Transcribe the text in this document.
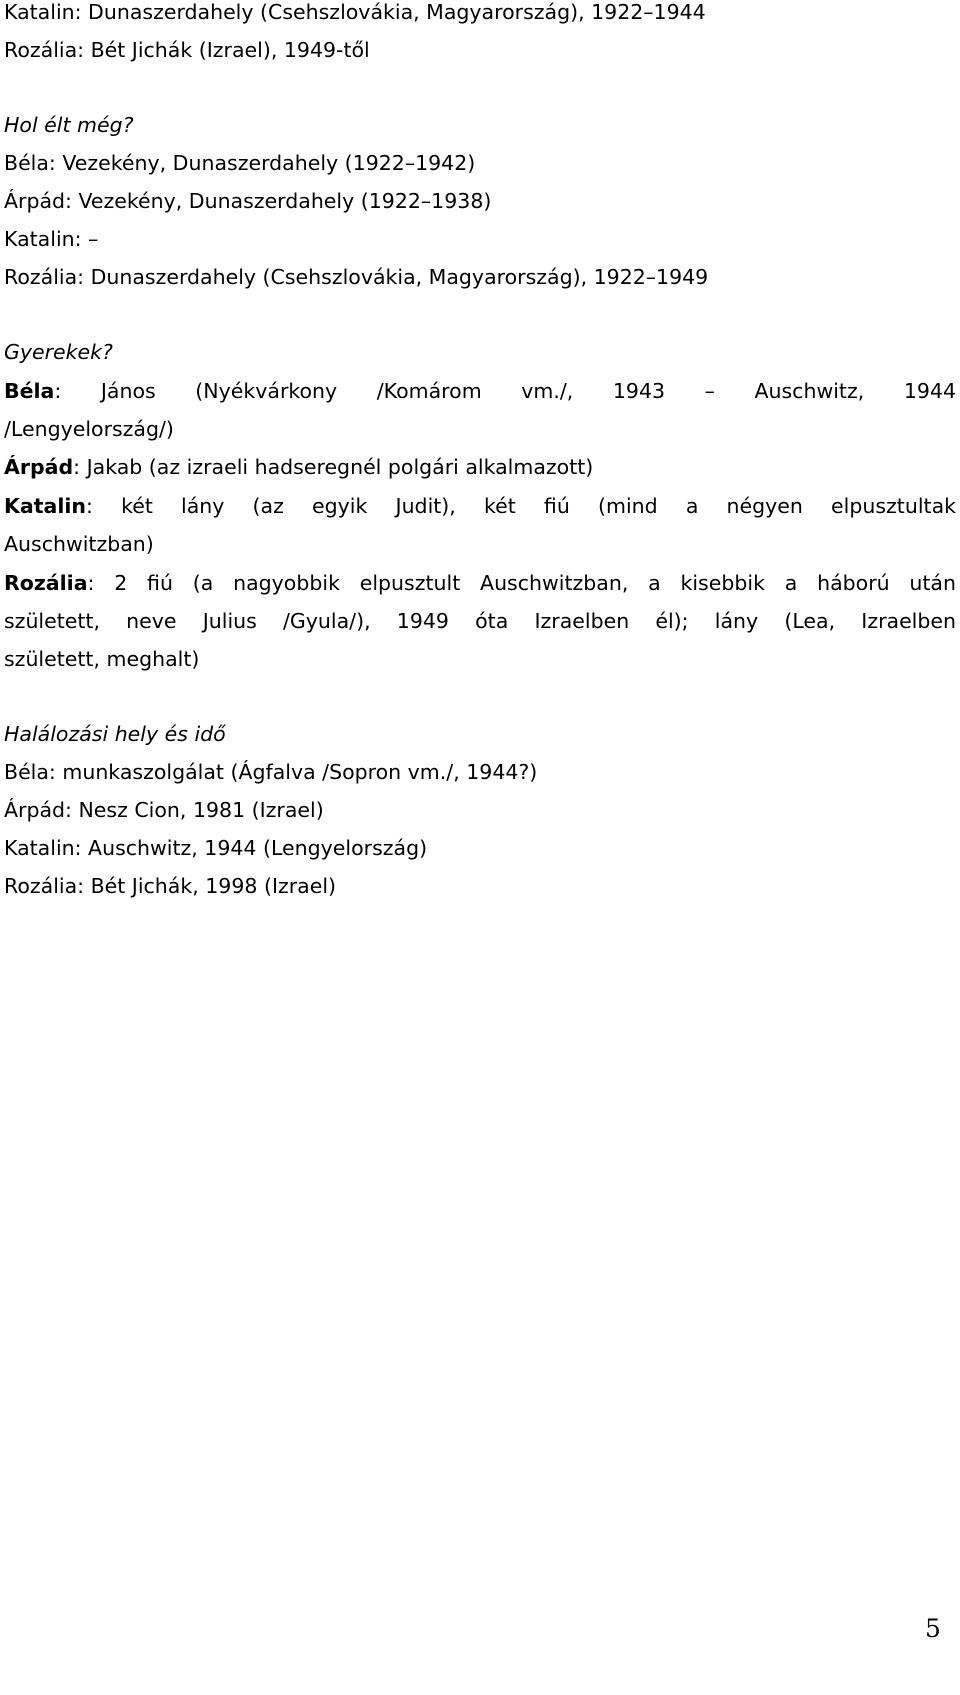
Katalin: Dunaszerdahely (Csehszlovákia, Magyarország), 1922–1944
Rozália: Bét Jichák (Izrael), 1949-től
Hol élt még?
Béla: Vezekény, Dunaszerdahely (1922–1942)
Árpád: Vezekény, Dunaszerdahely (1922–1938)
Katalin: –
Rozália: Dunaszerdahely (Csehszlovákia, Magyarország), 1922–1949
Gyerekek?
Béla: János (Nyékvárkony /Komárom vm./, 1943 – Auschwitz, 1944
/Lengyelország/)
Árpád: Jakab (az izraeli hadseregnél polgári alkalmazott)
Katalin: két lány (az egyik Judit), két fiú (mind a négyen elpusztultak
Auschwitzban)
Rozália: 2 fiú (a nagyobbik elpusztult Auschwitzban, a kisebbik a háború után
született, neve Julius /Gyula/), 1949 óta Izraelben él); lány (Lea, Izraelben
született, meghalt)
Halálozási hely és idő
Béla: munkaszolgálat (Ágfalva /Sopron vm./, 1944?)
Árpád: Nesz Cion, 1981 (Izrael)
Katalin: Auschwitz, 1944 (Lengyelország)
Rozália: Bét Jichák, 1998 (Izrael)
5
